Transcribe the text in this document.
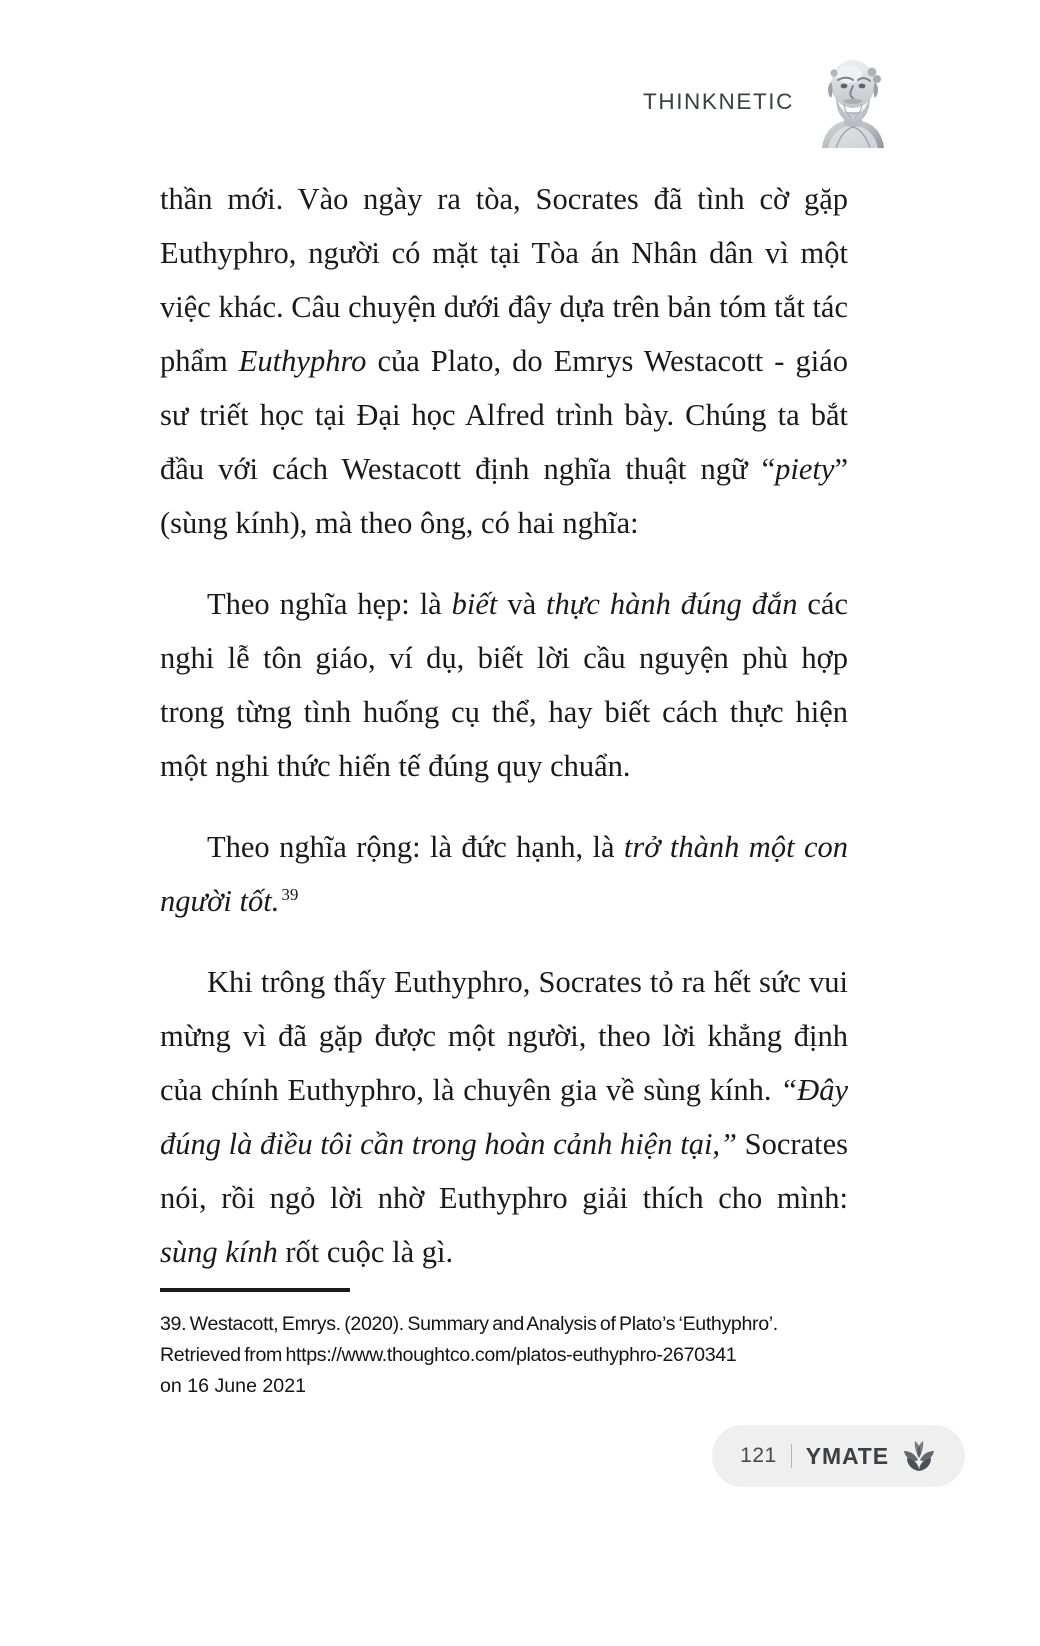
THINKNETIC

thần mới. Vào ngày ra tòa, Socrates đã tình cờ gặp Euthyphro, người có mặt tại Tòa án Nhân dân vì một việc khác. Câu chuyện dưới đây dựa trên bản tóm tắt tác phẩm Euthyphro của Plato, do Emrys Westacott - giáo sư triết học tại Đại học Alfred trình bày. Chúng ta bắt đầu với cách Westacott định nghĩa thuật ngữ “piety” (sùng kính), mà theo ông, có hai nghĩa:

Theo nghĩa hẹp: là biết và thực hành đúng đắn các nghi lễ tôn giáo, ví dụ, biết lời cầu nguyện phù hợp trong từng tình huống cụ thể, hay biết cách thực hiện một nghi thức hiến tế đúng quy chuẩn.

Theo nghĩa rộng: là đức hạnh, là trở thành một con người tốt. $^{39}$

Khi trông thấy Euthyphro, Socrates tỏ ra hết sức vui mừng vì đã gặp được một người, theo lời khẳng định của chính Euthyphro, là chuyên gia về sùng kính. “Đây đúng là điều tôi cần trong hoàn cảnh hiện tại,” Socrates nói, rồi ngỏ lời nhờ Euthyphro giải thích cho mình: sùng kính rốt cuộc là gì.

39. Westacott, Emrys. (2020). Summary and Analysis of Plato’s ‘Euthyphro’.
Retrieved from https://www.thoughtco.com/platos-euthyphro-2670341
on 16 June 2021
121 YMATE
